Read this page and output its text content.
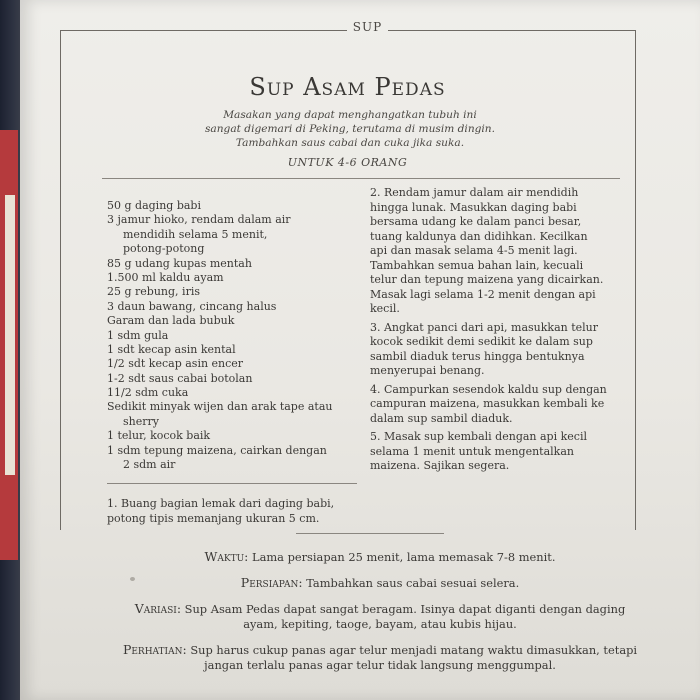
SUP
Sup Asam Pedas
Masakan yang dapat menghangatkan tubuh ini
sangat digemari di Peking, terutama di musim dingin.
Tambahkan saus cabai dan cuka jika suka.
UNTUK 4-6 ORANG
50 g daging babi
3 jamur hioko, rendam dalam air
mendidih selama 5 menit,
potong-potong
85 g udang kupas mentah
1.500 ml kaldu ayam
25 g rebung, iris
3 daun bawang, cincang halus
Garam dan lada bubuk
1 sdm gula
1 sdt kecap asin kental
1/2 sdt kecap asin encer
1-2 sdt saus cabai botolan
11/2 sdm cuka
Sedikit minyak wijen dan arak tape atau
sherry
1 telur, kocok baik
1 sdm tepung maizena, cairkan dengan
2 sdm air
1. Buang bagian lemak dari daging babi,
potong tipis memanjang ukuran 5 cm.
2. Rendam jamur dalam air mendidih
hingga lunak. Masukkan daging babi
bersama udang ke dalam panci besar,
tuang kaldunya dan didihkan. Kecilkan
api dan masak selama 4-5 menit lagi.
Tambahkan semua bahan lain, kecuali
telur dan tepung maizena yang dicairkan.
Masak lagi selama 1-2 menit dengan api
kecil.
3. Angkat panci dari api, masukkan telur
kocok sedikit demi sedikit ke dalam sup
sambil diaduk terus hingga bentuknya
menyerupai benang.
4. Campurkan sesendok kaldu sup dengan
campuran maizena, masukkan kembali ke
dalam sup sambil diaduk.
5. Masak sup kembali dengan api kecil
selama 1 menit untuk mengentalkan
maizena. Sajikan segera.
Waktu: Lama persiapan 25 menit, lama memasak 7-8 menit.
Persiapan: Tambahkan saus cabai sesuai selera.
Variasi: Sup Asam Pedas dapat sangat beragam. Isinya dapat diganti dengan daging
ayam, kepiting, taoge, bayam, atau kubis hijau.
Perhatian: Sup harus cukup panas agar telur menjadi matang waktu dimasukkan, tetapi
jangan terlalu panas agar telur tidak langsung menggumpal.
